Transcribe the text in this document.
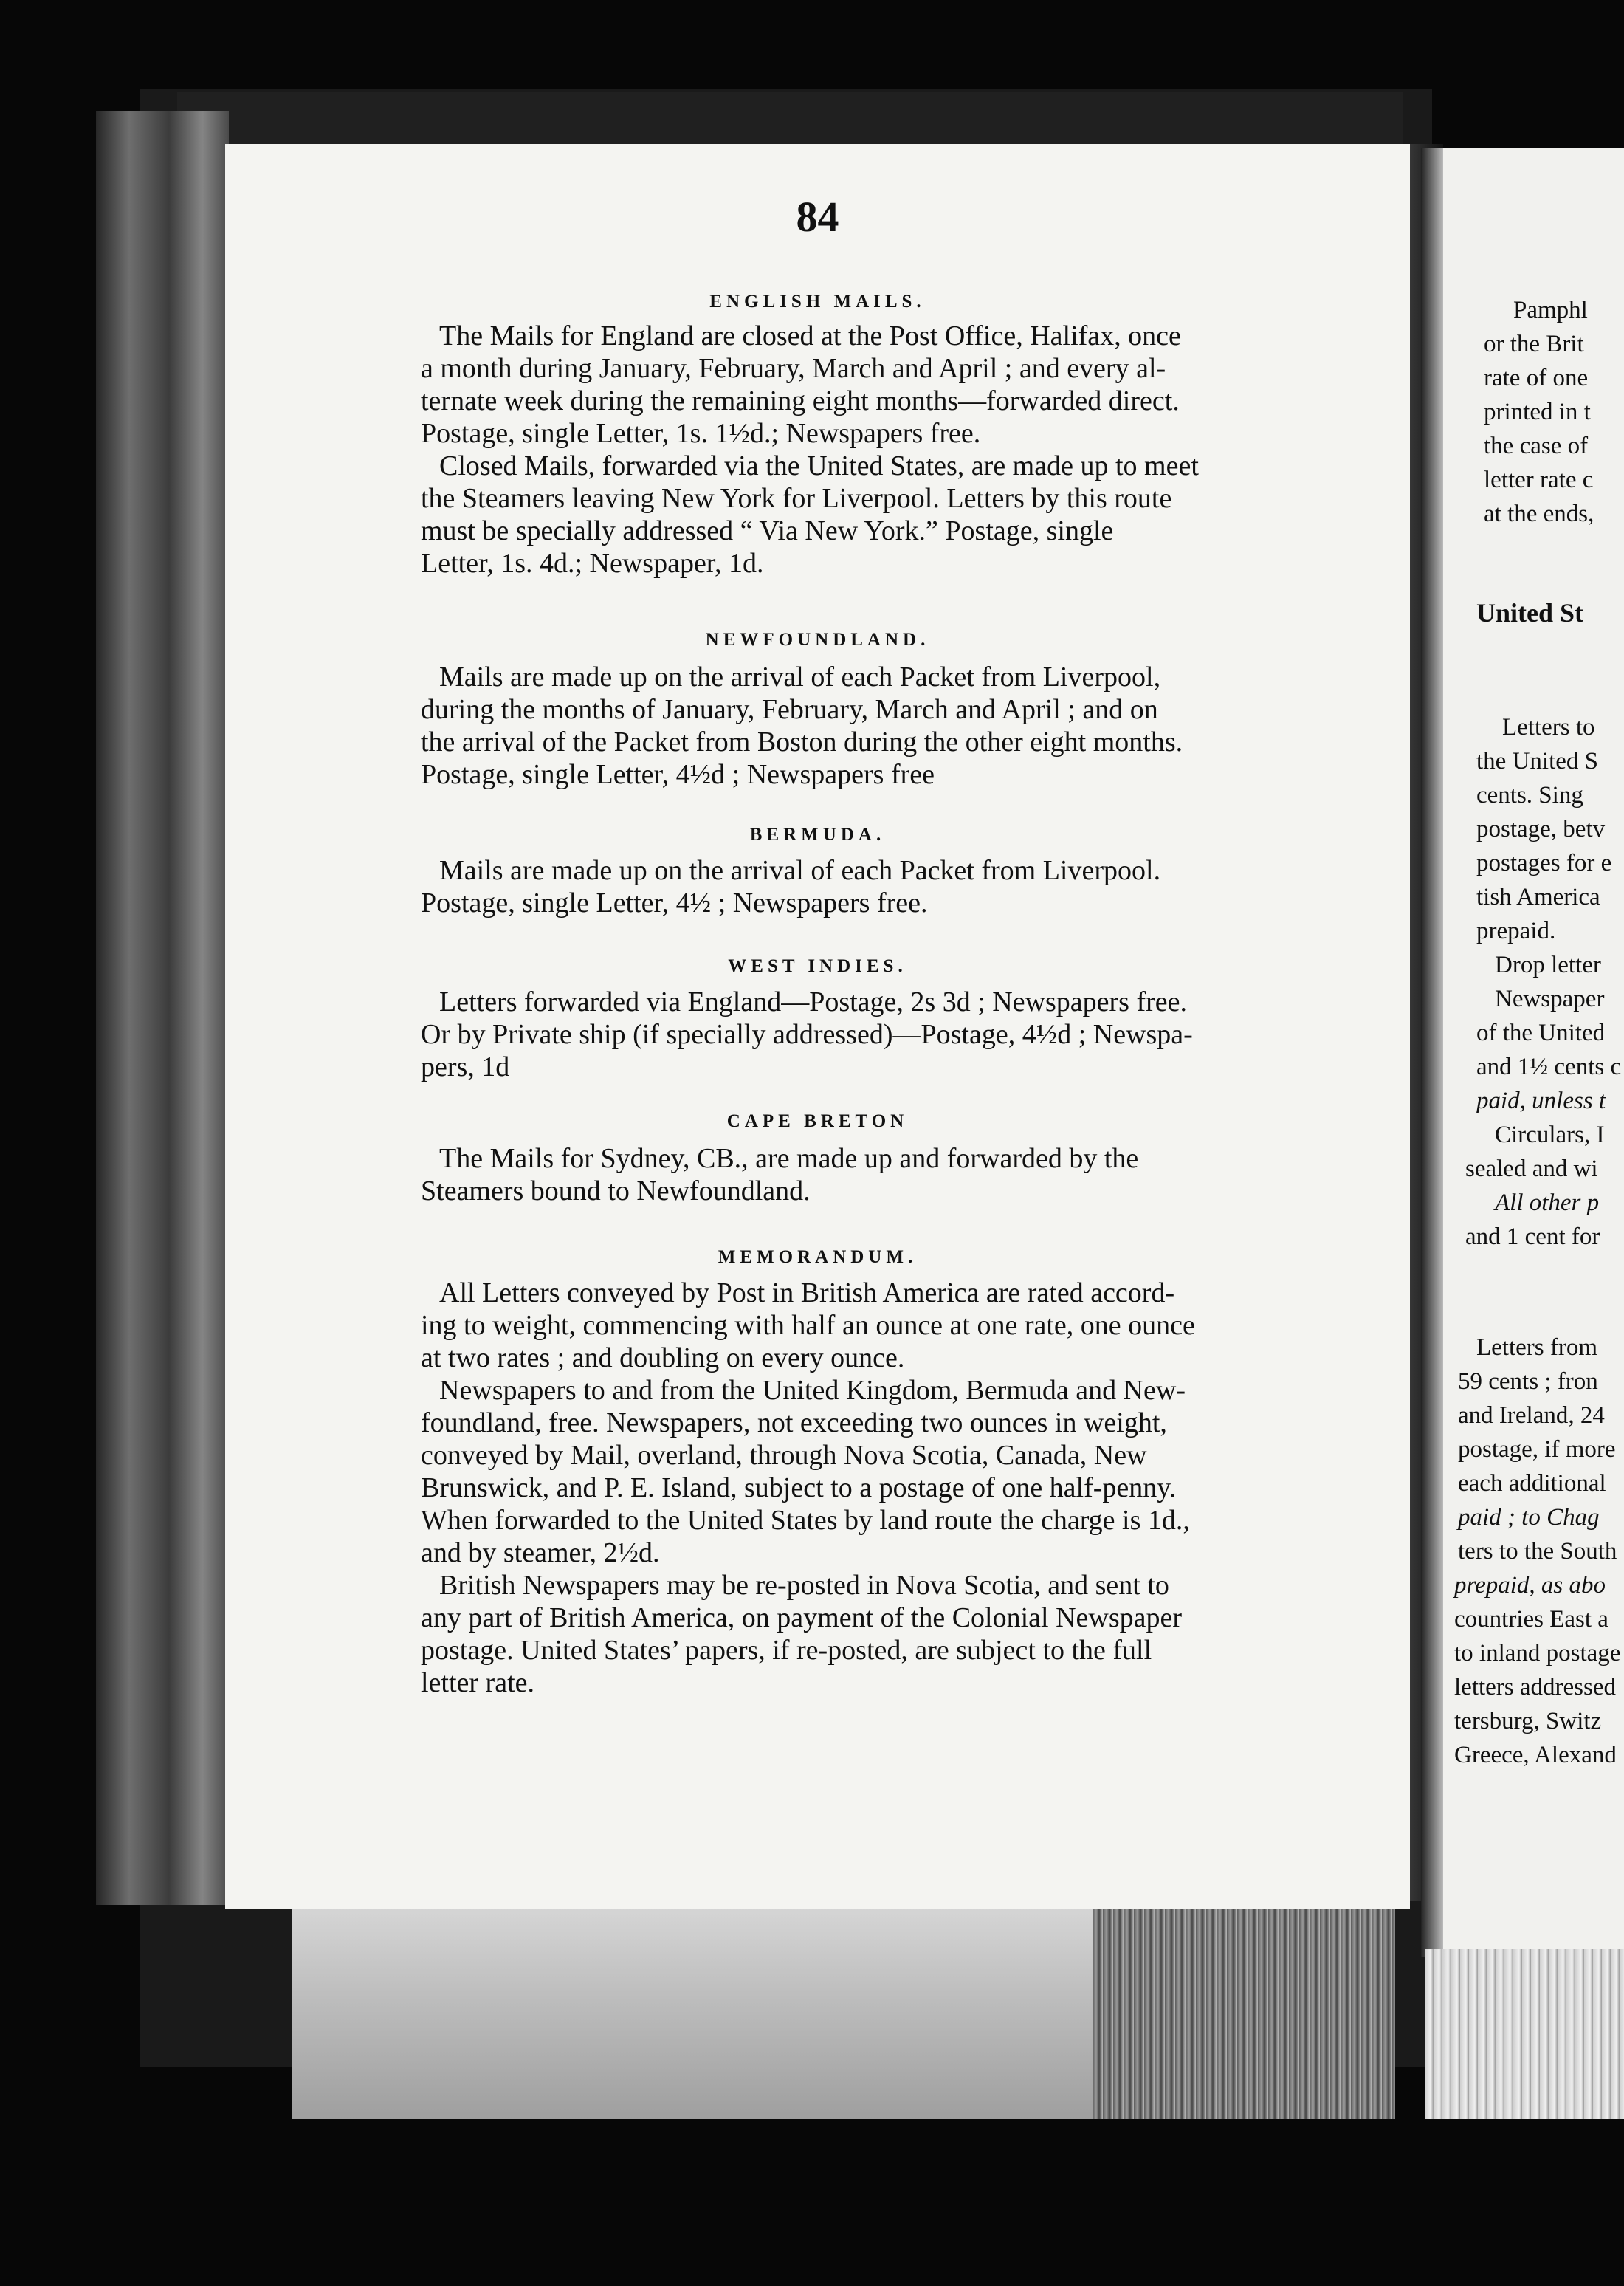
84
ENGLISH MAILS.
The Mails for England are closed at the Post Office, Halifax, once
a month during January, February, March and April ; and every al-
ternate week during the remaining eight months—forwarded direct.
Postage, single Letter, 1s. 1½d.; Newspapers free.
Closed Mails, forwarded via the United States, are made up to meet
the Steamers leaving New York for Liverpool. Letters by this route
must be specially addressed “ Via New York.” Postage, single
Letter, 1s. 4d.; Newspaper, 1d.
NEWFOUNDLAND.
Mails are made up on the arrival of each Packet from Liverpool,
during the months of January, February, March and April ; and on
the arrival of the Packet from Boston during the other eight months.
Postage, single Letter, 4½d ; Newspapers free
BERMUDA.
Mails are made up on the arrival of each Packet from Liverpool.
Postage, single Letter, 4½ ; Newspapers free.
WEST INDIES.
Letters forwarded via England—Postage, 2s 3d ; Newspapers free.
Or by Private ship (if specially addressed)—Postage, 4½d ; Newspa-
pers, 1d
CAPE BRETON
The Mails for Sydney, CB., are made up and forwarded by the
Steamers bound to Newfoundland.
MEMORANDUM.
All Letters conveyed by Post in British America are rated accord-
ing to weight, commencing with half an ounce at one rate, one ounce
at two rates ; and doubling on every ounce.
Newspapers to and from the United Kingdom, Bermuda and New-
foundland, free. Newspapers, not exceeding two ounces in weight,
conveyed by Mail, overland, through Nova Scotia, Canada, New
Brunswick, and P. E. Island, subject to a postage of one half-penny.
When forwarded to the United States by land route the charge is 1d.,
and by steamer, 2½d.
British Newspapers may be re-posted in Nova Scotia, and sent to
any part of British America, on payment of the Colonial Newspaper
postage. United States’ papers, if re-posted, are subject to the full
letter rate.
Pamphl
or the Brit
rate of one
printed in t
the case of
letter rate c
at the ends,
United St
Letters to
the United S
cents. Sing
postage, betv
postages for e
tish America
prepaid.
Drop letter
Newspaper
of the United
and 1½ cents c
paid, unless t
Circulars, I
sealed and wi
All other p
and 1 cent for
Letters from
59 cents ; fron
and Ireland, 24
postage, if more
each additional
paid ; to Chag
ters to the South
prepaid, as abo
countries East a
to inland postage
letters addressed
tersburg, Switz
Greece, Alexand
